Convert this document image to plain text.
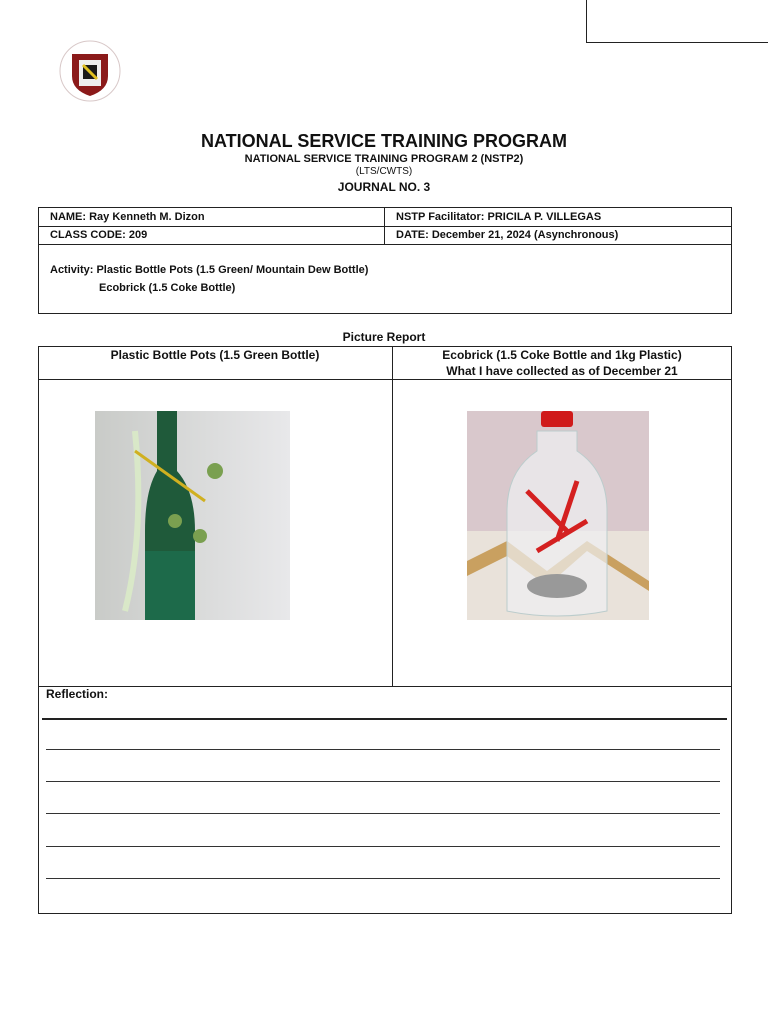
NATIONAL SERVICE TRAINING PROGRAM
NATIONAL SERVICE TRAINING PROGRAM 2 (NSTP2)
(LTS/CWTS)
JOURNAL NO. 3
NAME: Ray Kenneth M. Dizon	NSTP Facilitator: PRICILA P. VILLEGAS
CLASS CODE: 209	DATE: December 21, 2024 (Asynchronous)
Activity: Plastic Bottle Pots (1.5 Green/ Mountain Dew Bottle)
Ecobrick (1.5 Coke Bottle)
Picture Report
Plastic Bottle Pots (1.5 Green Bottle)	Ecobrick (1.5 Coke Bottle and 1kg Plastic)
What I have collected as of December 21
Reflection:
